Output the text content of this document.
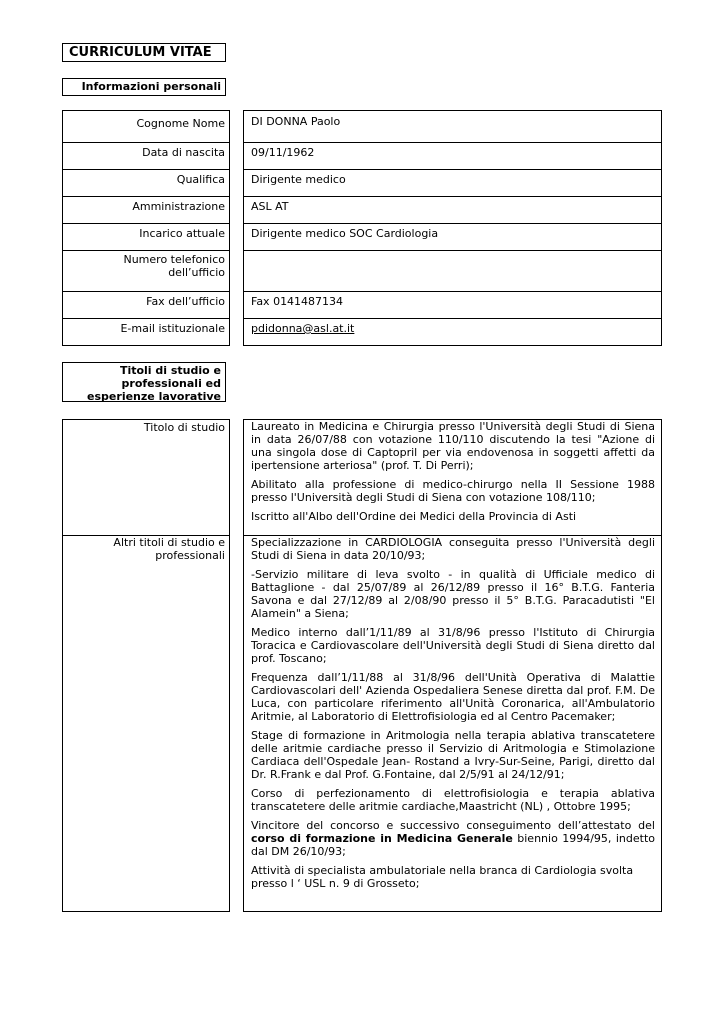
CURRICULUM VITAE
Informazioni personali
Cognome Nome	DI DONNA Paolo
Data di nascita	09/11/1962
Qualifica	Dirigente medico
Amministrazione	ASL AT
Incarico attuale	Dirigente medico SOC Cardiologia
Numero telefonico dell’ufficio
Fax dell’ufficio	Fax 0141487134
E-mail istituzionale	pdidonna@asl.at.it
Titoli di studio e professionali ed esperienze lavorative
Titolo di studio	Laureato in Medicina e Chirurgia presso l'Università degli Studi di Siena in data 26/07/88 con votazione 110/110 discutendo la tesi "Azione di una singola dose di Captopril per via endovenosa in soggetti affetti da ipertensione arteriosa" (prof. T. Di Perri);

Abilitato alla professione di medico-chirurgo nella II Sessione 1988 presso l'Università degli Studi di Siena con votazione 108/110;

Iscritto all'Albo dell'Ordine dei Medici della Provincia di Asti

Altri titoli di studio e professionali

Specializzazione in CARDIOLOGIA conseguita presso l'Università degli Studi di Siena in data 20/10/93;

-Servizio militare di leva svolto - in qualità di Ufficiale medico di Battaglione - dal 25/07/89 al 26/12/89 presso il 16° B.T.G. Fanteria Savona e dal 27/12/89 al 2/08/90 presso il 5° B.T.G. Paracadutisti "El Alamein" a Siena;

Medico interno dall’1/11/89 al 31/8/96 presso l'Istituto di Chirurgia Toracica e Cardiovascolare dell'Università degli Studi di Siena diretto dal prof. Toscano;

Frequenza dall’1/11/88 al 31/8/96 dell'Unità Operativa di Malattie Cardiovascolari dell' Azienda Ospedaliera Senese diretta dal prof. F.M. De Luca, con particolare riferimento all'Unità Coronarica, all'Ambulatorio Aritmie, al Laboratorio di Elettrofisiologia ed al Centro Pacemaker;

Stage di formazione in Aritmologia nella terapia ablativa transcatetere delle aritmie cardiache presso il Servizio di Aritmologia e Stimolazione Cardiaca dell'Ospedale Jean- Rostand a Ivry-Sur-Seine, Parigi, diretto dal Dr. R.Frank e dal Prof. G.Fontaine, dal 2/5/91 al 24/12/91;

Corso di perfezionamento di elettrofisiologia e terapia ablativa transcatetere delle aritmie cardiache,Maastricht (NL) , Ottobre 1995;

Vincitore del concorso e successivo conseguimento dell’attestato del corso di formazione in Medicina Generale biennio 1994/95, indetto dal DM 26/10/93;

Attività di specialista ambulatoriale nella branca di Cardiologia svolta presso l ‘ USL n. 9 di Grosseto;
